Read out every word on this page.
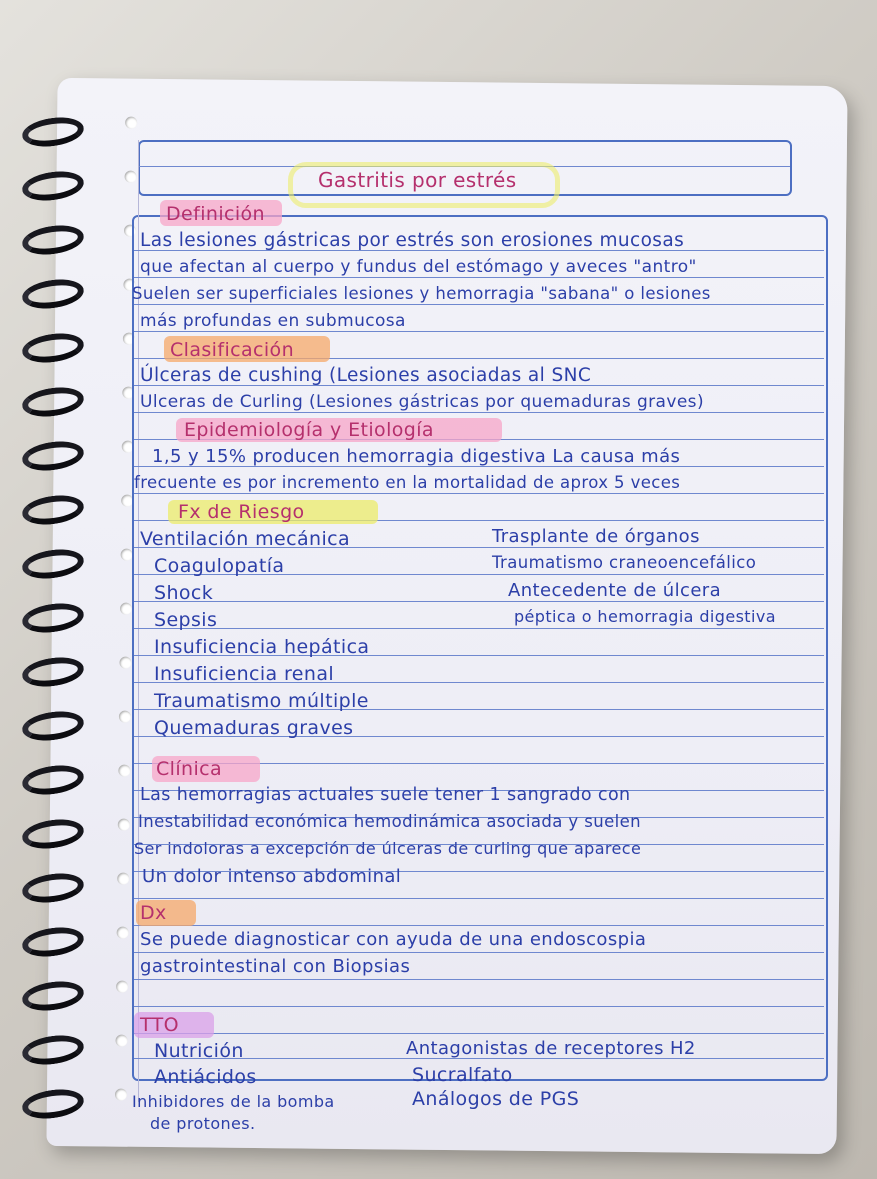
Gastritis por estrés
Definición
Las lesiones gástricas por estrés son erosiones mucosas
que afectan al cuerpo y fundus del estómago y aveces "antro"
Suelen ser superficiales lesiones y hemorragia "sabana" o lesiones
más profundas en submucosa
Clasificación
Úlceras de cushing (Lesiones asociadas al SNC
Ulceras de Curling (Lesiones gástricas por quemaduras graves)
Epidemiología y Etiología
1,5 y 15% producen hemorragia digestiva La causa más
frecuente es por incremento en la mortalidad de aprox 5 veces
Fx de Riesgo
Ventilación mecánica
Coagulopatía
Shock
Sepsis
Insuficiencia hepática
Insuficiencia renal
Traumatismo múltiple
Quemaduras graves
Trasplante de órganos
Traumatismo craneoencefálico
Antecedente de úlcera
péptica o hemorragia digestiva
Clínica
Las hemorragias actuales suele tener 1 sangrado con
Inestabilidad económica hemodinámica asociada y suelen
Ser indoloras a excepción de úlceras de curling que aparece
Un dolor intenso abdominal
Dx
Se puede diagnosticar con ayuda de una endoscospia
gastrointestinal con Biopsias
TTO
Nutrición
Antiácidos
Inhibidores de la bomba
de protones.
Antagonistas de receptores H2
Sucralfato
Análogos de PGS
